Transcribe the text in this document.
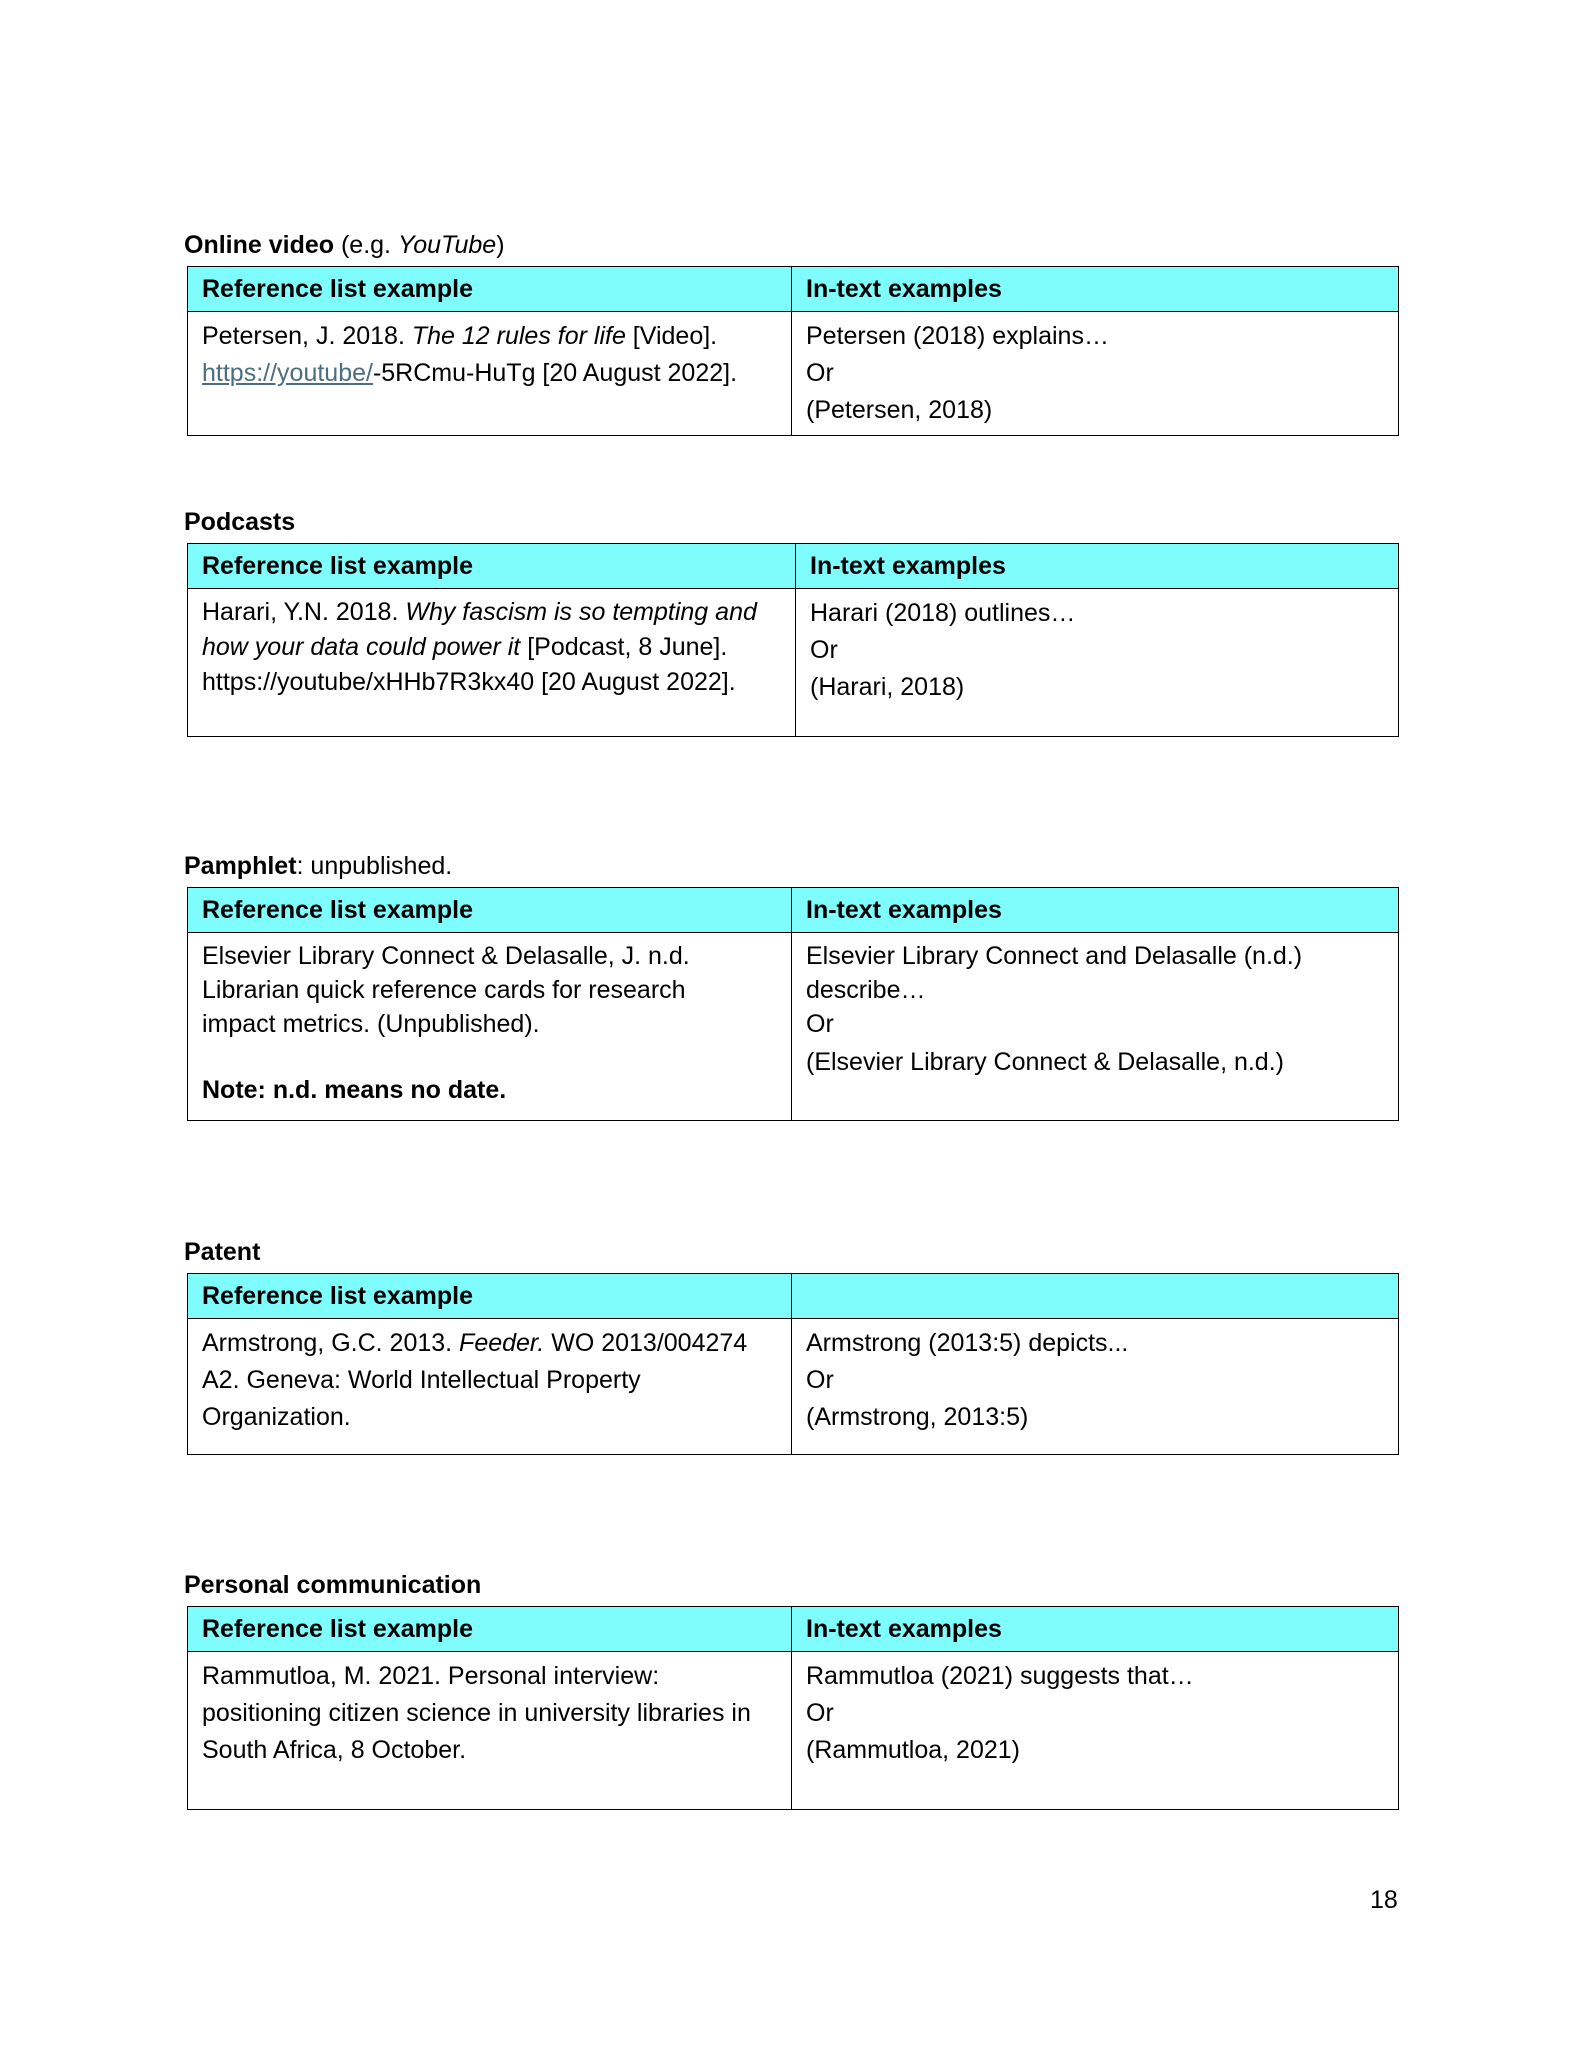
Online video (e.g. YouTube)
Reference list example	In-text examples

Petersen, J. 2018. The 12 rules for life [Video].
https://youtube/-5RCmu-HuTg [20 August 2022].	Petersen (2018) explains…
Or
(Petersen, 2018)
Podcasts
Reference list example	In-text examples

Harari, Y.N. 2018. Why fascism is so tempting and
how your data could power it [Podcast, 8 June].
https://youtube/xHHb7R3kx40 [20 August 2022].	Harari (2018) outlines…
Or
(Harari, 2018)
Pamphlet: unpublished.
Reference list example	In-text examples

Elsevier Library Connect & Delasalle, J. n.d.
Librarian quick reference cards for research
impact metrics. (Unpublished).
Note: n.d. means no date.	Elsevier Library Connect and Delasalle (n.d.)
describe…
Or
(Elsevier Library Connect & Delasalle, n.d.)
Patent
Reference list example	

Armstrong, G.C. 2013. Feeder. WO 2013/004274
A2. Geneva: World Intellectual Property
Organization.	Armstrong (2013:5) depicts...
Or
(Armstrong, 2013:5)
Personal communication
Reference list example	In-text examples

Rammutloa, M. 2021. Personal interview:
positioning citizen science in university libraries in
South Africa, 8 October.	Rammutloa (2021) suggests that…
Or
(Rammutloa, 2021)
18
